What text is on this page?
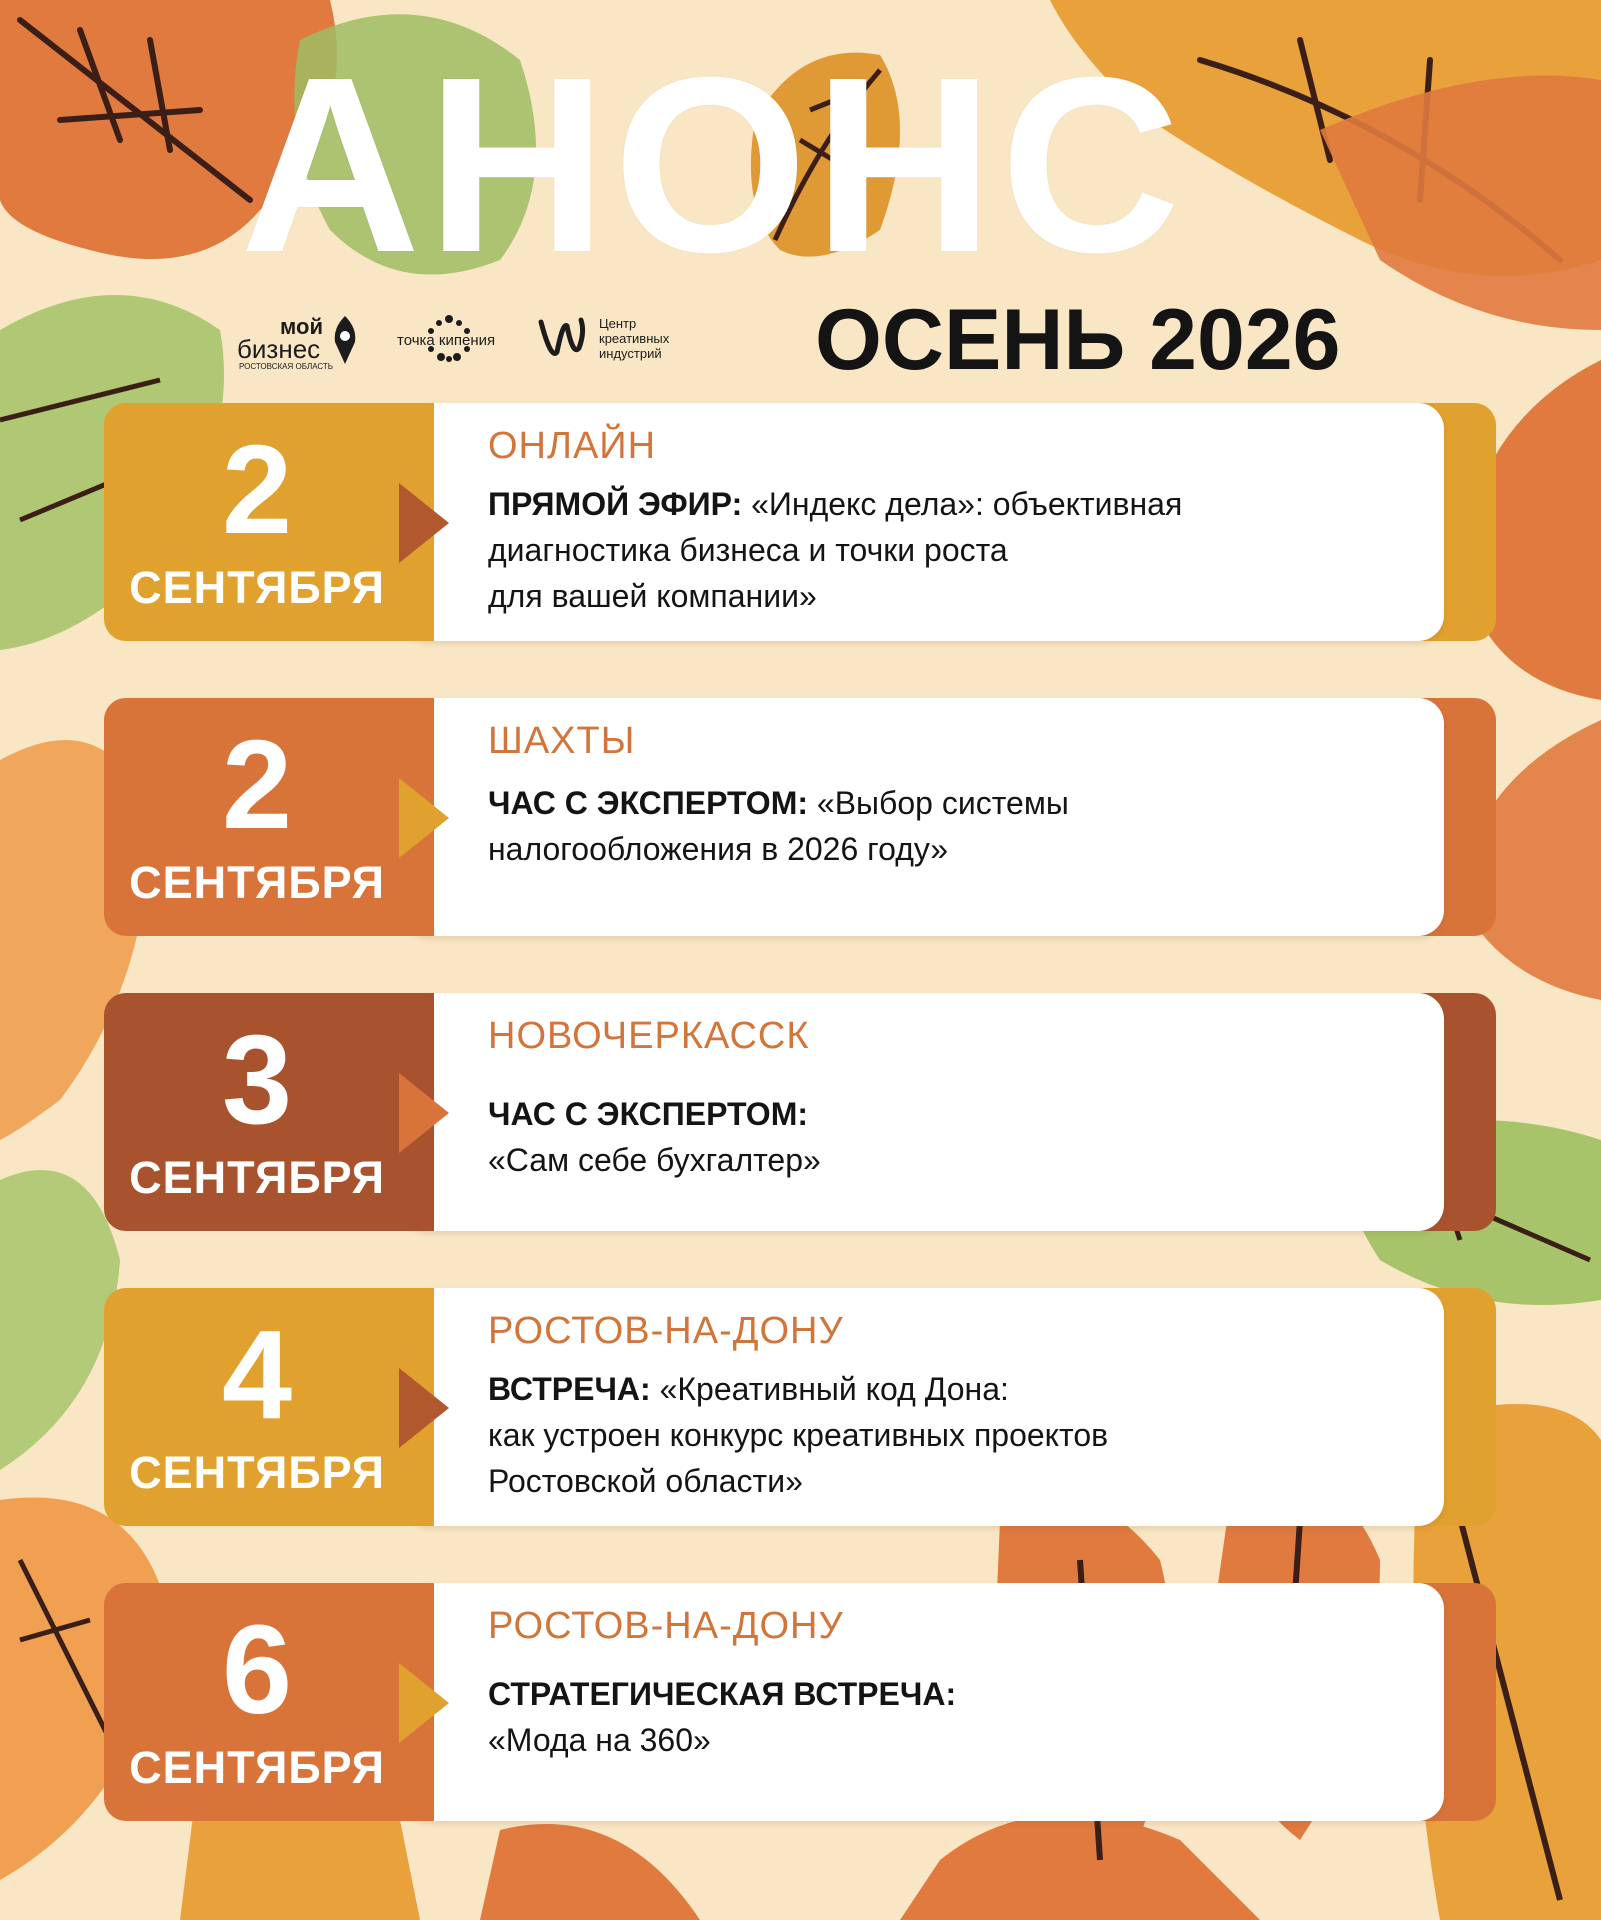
АНОНС
мой
бизнес
РОСТОВСКАЯ ОБЛАСТЬ
точка кипения
Центр
креативных
индустрий ОСЕНЬ 2026
ОНЛАЙН
ПРЯМОЙ ЭФИР: «Индекс дела»: объективная
диагностика бизнеса и точки роста
для вашей компании»
2
СЕНТЯБРЯ
ШАХТЫ
ЧАС С ЭКСПЕРТОМ: «Выбор системы
налогообложения в 2026 году»
2
СЕНТЯБРЯ
НОВОЧЕРКАССК
ЧАС С ЭКСПЕРТОМ:
«Сам себе бухгалтер»
3
СЕНТЯБРЯ
РОСТОВ-НА-ДОНУ
ВСТРЕЧА: «Креативный код Дона:
как устроен конкурс креативных проектов
Ростовской области»
4
СЕНТЯБРЯ
РОСТОВ-НА-ДОНУ
СТРАТЕГИЧЕСКАЯ ВСТРЕЧА:
«Мода на 360»
6
СЕНТЯБРЯ
